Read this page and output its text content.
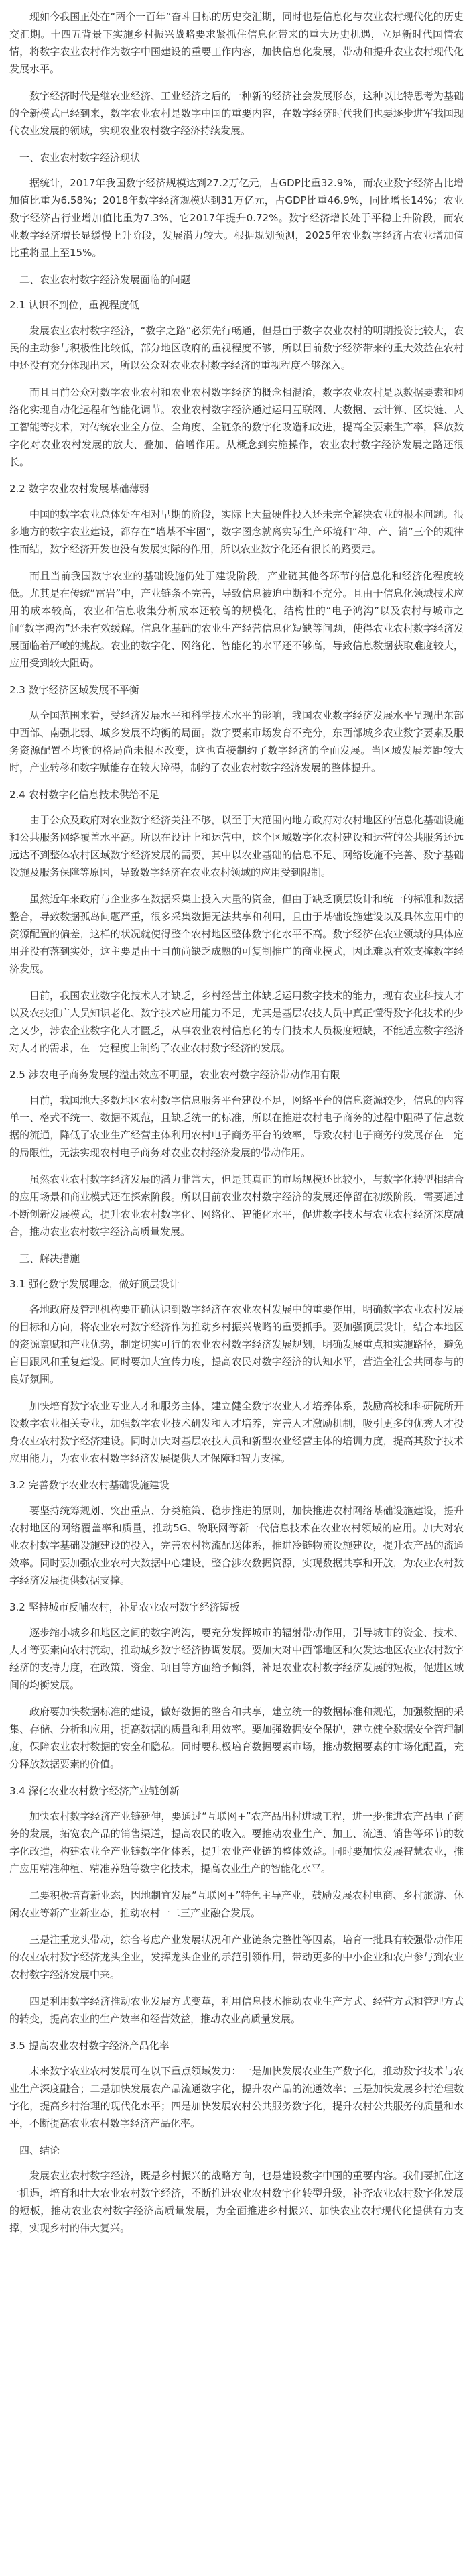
现如今我国正处在“两个一百年”奋斗目标的历史交汇期，同时也是信息化与农业农村现代化的历史交汇期。十四五背景下实施乡村振兴战略要求紧抓住信息化带来的重大历史机遇，立足新时代国情农情，将数字农业农村作为数字中国建设的重要工作内容，加快信息化发展，带动和提升农业农村现代化发展水平。

数字经济时代是继农业经济、工业经济之后的一种新的经济社会发展形态，这种以比特思考为基础的全新模式已经到来，数字农业农村是数字中国的重要内容，在数字经济时代我们也要逐步进军我国现代农业发展的领域，实现农业农村数字经济持续发展。

一、农业农村数字经济现状

据统计，2017年我国数字经济规模达到27.2万亿元，占GDP比重32.9%，而农业数字经济占比增加值比重为6.58%；2018年数字经济规模达到31万亿元，占GDP比重46.9%，同比增长14%；农业数字经济占行业增加值比重为7.3%，它2017年提升0.72%。数字经济增长处于平稳上升阶段，而农业数字经济增长显缓慢上升阶段，发展潜力较大。根据规划预测，2025年农业数字经济占农业增加值比重将显上至15%。

二、农业农村数字经济发展面临的问题

2.1 认识不到位，重视程度低

发展农业农村数字经济，“数字之路”必须先行畅通，但是由于数字农业农村的明期投资比较大，农民的主动参与积极性比较低，部分地区政府的重视程度不够，所以目前数字经济带来的重大效益在农村中还没有充分体现出来，所以公众对农业农村数字经济的重视程度不够深入。

而且目前公众对数字农业农村和农业农村数字经济的概念相混淆，数字农业农村是以数据要素和网络化实现自动化远程和智能化调节。农业农村数字经济通过运用互联网、大数据、云计算、区块链、人工智能等技术，对传统农业全方位、全角度、全链条的数字化改造和改进，提高全要素生产率，释放数字化对农业农村发展的放大、叠加、倍增作用。从概念到实施操作，农业农村数字经济发展之路还很长。

2.2 数字农业农村发展基础薄弱

中国的数字农业总体处在相对早期的阶段，实际上大量硬件投入还未完全解决农业的根本问题。很多地方的数字农业建设，都存在“墙基不牢固”，数字图念就离实际生产环境和“种、产、销”三个的规律性而结，数字经济开发也没有发展实际的作用，所以农业数字化还有很长的路要走。

而且当前我国数字农业的基础设施仍处于建设阶段，产业链其他各环节的信息化和经济化程度较低。尤其是在传统“雷岩”中，产业链条不完善，导致信息被迫中断和不充分。且由于信息化领域技术应用的成本较高，农业和信息收集分析成本还较高的规模化，结构性的“电子鸿沟”以及农村与城市之间“数字鸿沟”还未有效缓解。信息化基础的农业生产经营信息化短缺等问题，使得农业农村数字经济发展面临着严峻的挑战。农业的数字化、网络化、智能化的水平还不够高，导致信息数据获取难度较大，应用受到较大阻碍。

2.3 数字经济区域发展不平衡

从全国范围来看，受经济发展水平和科学技术水平的影响，我国农业数字经济发展水平呈现出东部中西部、南强北弱、城乡发展不均衡的局面。数字要素市场发育不充分，东西部城乡农业数字要素及服务资源配置不均衡的格局尚未根本改变，这也直接制约了数字经济的全面发展。当区域发展差距较大时，产业转移和数字赋能存在较大障碍，制约了农业农村数字经济发展的整体提升。

2.4 农村数字化信息技术供给不足

由于公众及政府对农业数字经济关注不够，以至于大范围内地方政府对农村地区的信息化基础设施和公共服务网络覆盖水平高。所以在设计上和运营中，这个区域数字化农村建设和运营的公共服务还远远达不到整体农村区域数字经济发展的需要，其中以农业基础的信息不足、网络设施不完善、数字基础设施及服务保障等原因，导致数字经济在农业农村领域的应用受到限制。

虽然近年来政府与企业多在数据采集上投入大量的资金，但由于缺乏顶层设计和统一的标准和数据整合，导致数据孤岛问题严重，很多采集数据无法共享和利用，且由于基础设施建设以及具体应用中的资源配置的偏差，这样的状况就使得整个农村地区整体数字化水平不高。数字经济在农业领域的具体应用并没有落到实处，这主要是由于目前尚缺乏成熟的可复制推广的商业模式，因此难以有效支撑数字经济发展。

目前，我国农业数字化技术人才缺乏，乡村经营主体缺乏运用数字技术的能力，现有农业科技人才以及农技推广人员知识老化、数字技术应用能力不足，尤其是基层农技人员中真正懂得数字化技术的少之又少，涉农企业数字化人才匮乏，从事农业农村信息化的专门技术人员极度短缺，不能适应数字经济对人才的需求，在一定程度上制约了农业农村数字经济的发展。

2.5 涉农电子商务发展的溢出效应不明显，农业农村数字经济带动作用有限

目前，我国地大多数地区农村数字信息服务平台建设不足，网络平台的信息资源较少，信息的内容单一、格式不统一、数据不规范，且缺乏统一的标准，所以在推进农村电子商务的过程中阻碍了信息数据的流通，降低了农业生产经营主体利用农村电子商务平台的效率，导致农村电子商务的发展存在一定的局限性，无法实现农村电子商务对农业农村经济发展的带动作用。

虽然农业农村数字经济发展的潜力非常大，但是其真正的市场规模还比较小，与数字化转型相结合的应用场景和商业模式还在探索阶段。所以目前农业农村数字经济的发展还停留在初级阶段，需要通过不断创新发展模式，提升农业农村数字化、网络化、智能化水平，促进数字技术与农业农村经济深度融合，推动农业农村数字经济高质量发展。

三、解决措施

3.1 强化数字发展理念，做好顶层设计

各地政府及管理机构要正确认识到数字经济在农业农村发展中的重要作用，明确数字农业农村发展的目标和方向，将农业农村数字经济作为推动乡村振兴战略的重要抓手。要加强顶层设计，结合本地区的资源禀赋和产业优势，制定切实可行的农业农村数字经济发展规划，明确发展重点和实施路径，避免盲目跟风和重复建设。同时要加大宣传力度，提高农民对数字经济的认知水平，营造全社会共同参与的良好氛围。

加快培育数字农业专业人才和服务主体，建立健全数字农业人才培养体系，鼓励高校和科研院所开设数字农业相关专业，加强数字农业技术研发和人才培养，完善人才激励机制，吸引更多的优秀人才投身农业农村数字经济建设。同时加大对基层农技人员和新型农业经营主体的培训力度，提高其数字技术应用能力，为农业农村数字经济发展提供人才保障和智力支撑。

3.2 完善数字农业农村基础设施建设

要坚持统筹规划、突出重点、分类施策、稳步推进的原则，加快推进农村网络基础设施建设，提升农村地区的网络覆盖率和质量，推动5G、物联网等新一代信息技术在农业农村领域的应用。加大对农业农村数字基础设施建设的投入，完善农村物流配送体系，推进冷链物流设施建设，提升农产品的流通效率。同时要加强农业农村大数据中心建设，整合涉农数据资源，实现数据共享和开放，为农业农村数字经济发展提供数据支撑。

3.2 坚持城市反哺农村，补足农业农村数字经济短板

逐步缩小城乡和地区之间的数字鸿沟，要充分发挥城市的辐射带动作用，引导城市的资金、技术、人才等要素向农村流动，推动城乡数字经济协调发展。要加大对中西部地区和欠发达地区农业农村数字经济的支持力度，在政策、资金、项目等方面给予倾斜，补足农业农村数字经济发展的短板，促进区域间的均衡发展。

政府要加快数据标准的建设，做好数据的整合和共享，建立统一的数据标准和规范，加强数据的采集、存储、分析和应用，提高数据的质量和利用效率。要加强数据安全保护，建立健全数据安全管理制度，保障农业农村数据的安全和隐私。同时要积极培育数据要素市场，推动数据要素的市场化配置，充分释放数据要素的价值。

3.4 深化农业农村数字经济产业链创新

加快农村数字经济产业链延伸，要通过“互联网+”农产品出村进城工程，进一步推进农产品电子商务的发展，拓宽农产品的销售渠道，提高农民的收入。要推动农业生产、加工、流通、销售等环节的数字化改造，构建农业全产业链数字化体系，提升农业产业链的整体效益。同时要加快发展智慧农业，推广应用精准种植、精准养殖等数字化技术，提高农业生产的智能化水平。

二要积极培育新业态，因地制宜发展“互联网+”特色主导产业，鼓励发展农村电商、乡村旅游、休闲农业等新产业新业态，推动农村一二三产业融合发展。

三是注重龙头带动，综合考虑产业发展状况和产业链条完整性等因素，培育一批具有较强带动作用的农业农村数字经济龙头企业，发挥龙头企业的示范引领作用，带动更多的中小企业和农户参与到农业农村数字经济发展中来。

四是利用数字经济推动农业发展方式变革，利用信息技术推动农业生产方式、经营方式和管理方式的转变，提高农业的生产效率和经营效益，推动农业高质量发展。

3.5 提高农业农村数字经济产品化率

未来数字农业农村发展可在以下重点领域发力：一是加快发展农业生产数字化，推动数字技术与农业生产深度融合；二是加快发展农产品流通数字化，提升农产品的流通效率；三是加快发展乡村治理数字化，提高乡村治理的现代化水平；四是加快发展农村公共服务数字化，提升农村公共服务的质量和水平，不断提高农业农村数字经济产品化率。

四、结论

发展农业农村数字经济，既是乡村振兴的战略方向，也是建设数字中国的重要内容。我们要抓住这一机遇，培育和壮大农业农村数字经济，不断推进农业农村数字化转型升级，补齐农业农村数字化发展的短板，推动农业农村数字经济高质量发展，为全面推进乡村振兴、加快农业农村现代化提供有力支撑，实现乡村的伟大复兴。
